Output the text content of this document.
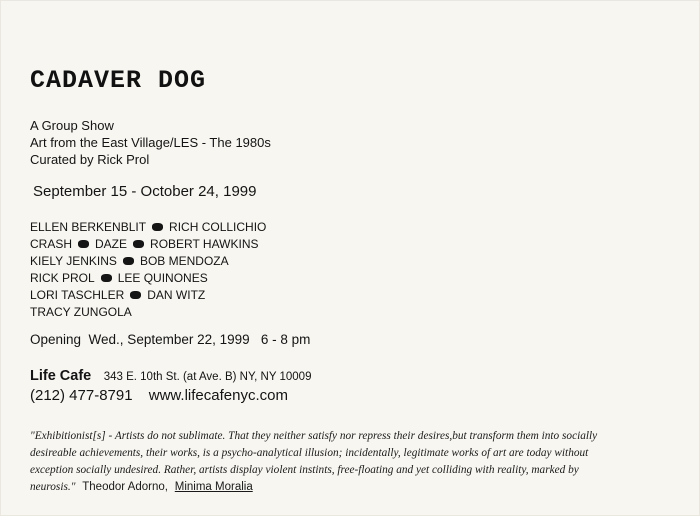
CADAVER DOG
A Group Show
Art from the East Village/LES - The 1980s
Curated by Rick Prol
September 15 - October 24, 1999
ELLEN BERKENBLIT RICH COLLICHIO
CRASH DAZE ROBERT HAWKINS
KIELY JENKINS BOB MENDOZA
RICK PROL LEE QUINONES
LORI TASCHLER DAN WITZ
TRACY ZUNGOLA
Opening  Wed., September 22, 1999   6 - 8 pm
Life Cafe 343 E. 10th St. (at Ave. B) NY, NY 10009
(212) 477-8791 www.lifecafenyc.com
"Exhibitionist[s] - Artists do not sublimate. That they neither satisfy nor repress their desires,but transform them into socially desireable achievements, their works, is a psycho-analytical illusion; incidentally, legitimate works of art are today without exception socially undesired. Rather, artists display violent instints, free-floating and yet colliding with reality, marked by neurosis." Theodor Adorno, Minima Moralia
